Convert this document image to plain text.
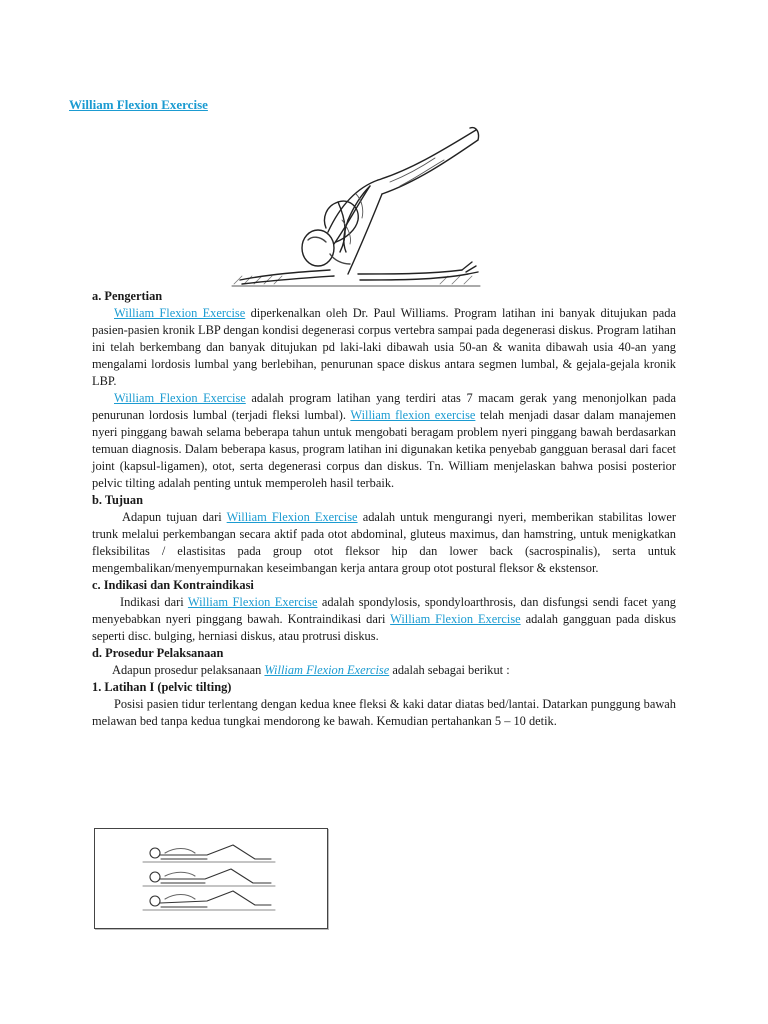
William Flexion Exercise

a. Pengertian

William Flexion Exercise diperkenalkan oleh Dr. Paul Williams. Program latihan ini banyak ditujukan pada pasien-pasien kronik LBP dengan kondisi degenerasi corpus vertebra sampai pada degenerasi diskus. Program latihan ini telah berkembang dan banyak ditujukan pd laki-laki dibawah usia 50-an & wanita dibawah usia 40-an yang mengalami lordosis lumbal yang berlebihan, penurunan space diskus antara segmen lumbal, & gejala-gejala kronik LBP.

William Flexion Exercise adalah program latihan yang terdiri atas 7 macam gerak yang menonjolkan pada penurunan lordosis lumbal (terjadi fleksi lumbal). William flexion exercise telah menjadi dasar dalam manajemen nyeri pinggang bawah selama beberapa tahun untuk mengobati beragam problem nyeri pinggang bawah berdasarkan temuan diagnosis. Dalam beberapa kasus, program latihan ini digunakan ketika penyebab gangguan berasal dari facet joint (kapsul-ligamen), otot, serta degenerasi corpus dan diskus. Tn. William menjelaskan bahwa posisi posterior pelvic tilting adalah penting untuk memperoleh hasil terbaik.

b. Tujuan

Adapun tujuan dari William Flexion Exercise adalah untuk mengurangi nyeri, memberikan stabilitas lower trunk melalui perkembangan secara aktif pada otot abdominal, gluteus maximus, dan hamstring, untuk menigkatkan fleksibilitas / elastisitas pada group otot fleksor hip dan lower back (sacrospinalis), serta untuk mengembalikan/menyempurnakan keseimbangan kerja antara group otot postural fleksor & ekstensor.

c. Indikasi dan Kontraindikasi

Indikasi dari William Flexion Exercise adalah spondylosis, spondyloarthrosis, dan disfungsi sendi facet yang menyebabkan nyeri pinggang bawah. Kontraindikasi dari William Flexion Exercise adalah gangguan pada diskus seperti disc. bulging, herniasi diskus, atau protrusi diskus.

d. Prosedur Pelaksanaan

Adapun prosedur pelaksanaan William Flexion Exercise adalah sebagai berikut :

1. Latihan I (pelvic tilting)

Posisi pasien tidur terlentang dengan kedua knee fleksi & kaki datar diatas bed/lantai. Datarkan punggung bawah melawan bed tanpa kedua tungkai mendorong ke bawah. Kemudian pertahankan 5 – 10 detik.
